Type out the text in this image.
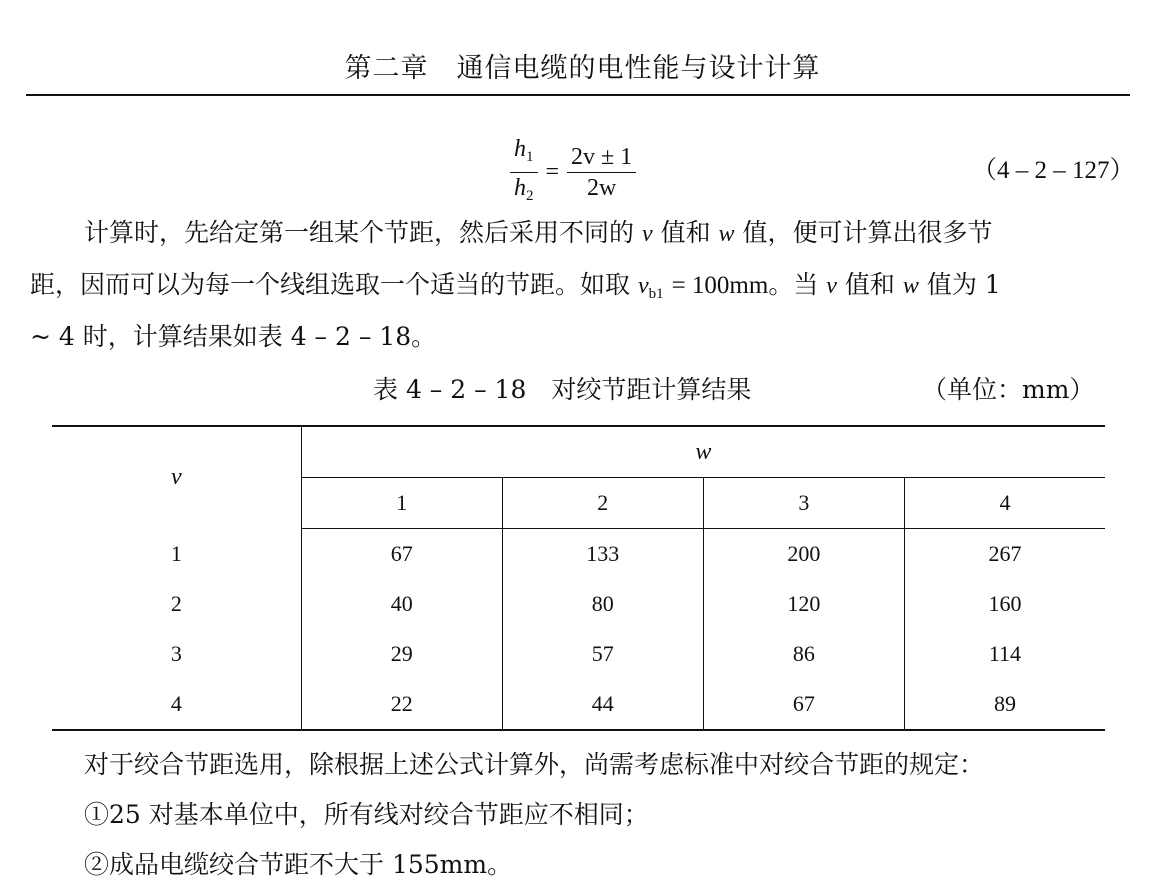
第二章　通信电缆的电性能与设计计算
$\frac{h_1}{h_2} = \frac{2v \pm 1}{2w}$	（4 – 2 – 127）
计算时，先给定第一组某个节距，然后采用不同的 v 值和 w 值，便可计算出很多节
距，因而可以为每一个线组选取一个适当的节距。如取 $v_{b1} = 100mm$。当 v 值和 w 值为 1
~ 4 时，计算结果如表 4 – 2 – 18。
表 4 – 2 – 18　对绞节距计算结果	（单位：mm）
v	w			
	1	2	3	4
1	67	133	200	267
2	40	80	120	160
3	29	57	86	114
4	22	44	67	89
对于绞合节距选用，除根据上述公式计算外，尚需考虑标准中对绞合节距的规定：
①25 对基本单位中，所有线对绞合节距应不相同；
②成品电缆绞合节距不大于 155mm。
